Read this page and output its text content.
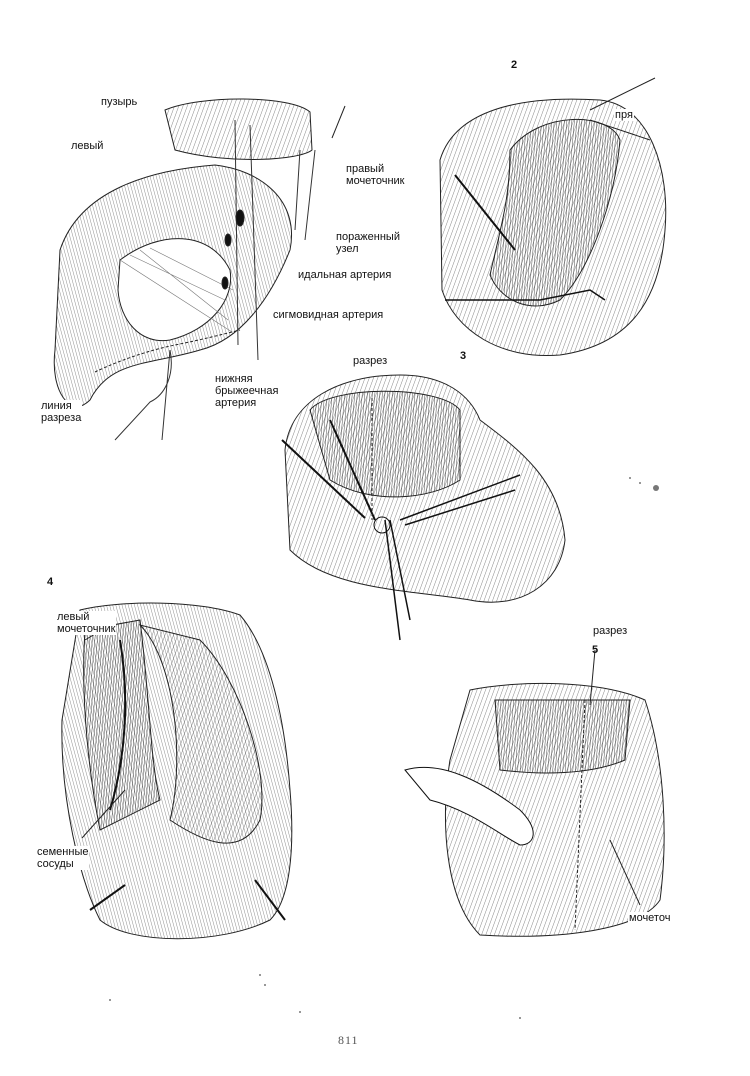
2
3
4
5
пузырь
левый
правый
мочеточник
пораженный
узел
идальная артерия
сигмовидная артерия
нижняя
брыжеечная
артерия
линия
разреза
пря
разрез
левый
мочеточник
семенные
сосуды
разрез
мочеточ
811
